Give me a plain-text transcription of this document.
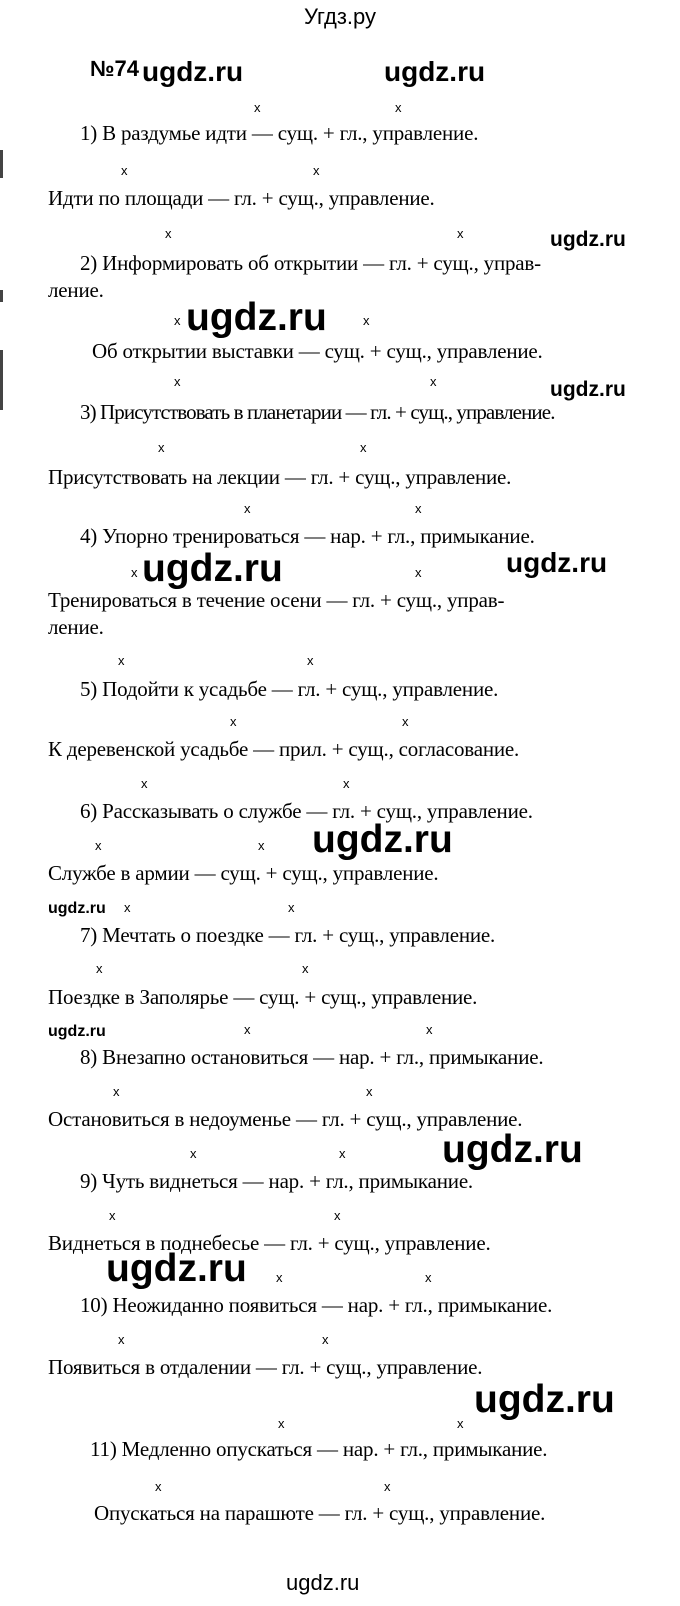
Угдз.ру
№74 ugdz.ru	ugdz.ru
ugdz.ru
ugdz.ru
ugdz.ru
ugdz.ru	ugdz.ru
ugdz.ru
ugdz.ru
ugdz.ru
ugdz.ru
ugdz.ru
ugdz.ru
ugdz.ru
1) В раздумье идти — сущ. + гл., управление.
Идти по площади — гл. + сущ., управление.
2) Информировать об открытии — гл. + сущ., управ-
ление.
Об открытии выставки — сущ. + сущ., управление.
3) Присутствовать в планетарии — гл. + сущ., управление.
Присутствовать на лекции — гл. + сущ., управление.
4) Упорно тренироваться — нар. + гл., примыкание.
Тренироваться в течение осени — гл. + сущ., управ-
ление.
5) Подойти к усадьбе — гл. + сущ., управление.
К деревенской усадьбе — прил. + сущ., согласование.
6) Рассказывать о службе — гл. + сущ., управление.
Службе в армии — сущ. + сущ., управление.
7) Мечтать о поездке — гл. + сущ., управление.
Поездке в Заполярье — сущ. + сущ., управление.
8) Внезапно остановиться — нар. + гл., примыкание.
Остановиться в недоуменье — гл. + сущ., управление.
9) Чуть виднеться — нар. + гл., примыкание.
Виднеться в поднебесье — гл. + сущ., управление.
10) Неожиданно появиться — нар. + гл., примыкание.
Появиться в отдалении — гл. + сущ., управление.
11) Медленно опускаться — нар. + гл., примыкание.
Опускаться на парашюте — гл. + сущ., управление.
x	x
x	x
x	x
x	x
x	x
x	x
x	x
x	x
x	x
x	x
x	x
x	x
x	x
x	x
x	x
x	x
x	x
x	x
x	x
x	x
x	x
x	x
